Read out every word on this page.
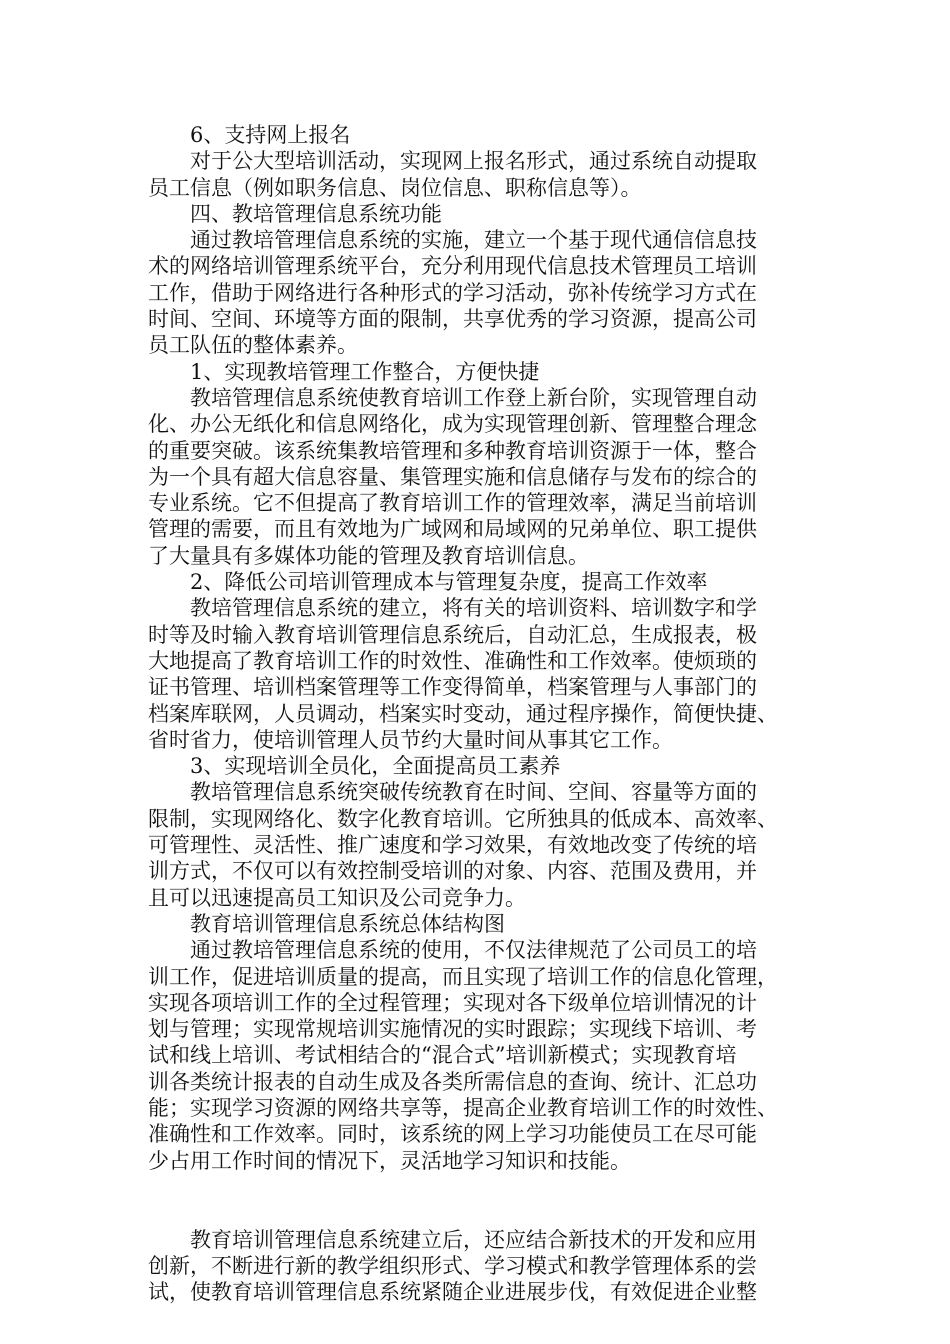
6、支持网上报名
对于公大型培训活动，实现网上报名形式，通过系统自动提取
员工信息（例如职务信息、岗位信息、职称信息等）。
四、教培管理信息系统功能
通过教培管理信息系统的实施，建立一个基于现代通信信息技
术的网络培训管理系统平台，充分利用现代信息技术管理员工培训
工作，借助于网络进行各种形式的学习活动，弥补传统学习方式在
时间、空间、环境等方面的限制，共享优秀的学习资源，提高公司
员工队伍的整体素养。
1、实现教培管理工作整合，方便快捷
教培管理信息系统使教育培训工作登上新台阶，实现管理自动
化、办公无纸化和信息网络化，成为实现管理创新、管理整合理念
的重要突破。该系统集教培管理和多种教育培训资源于一体，整合
为一个具有超大信息容量、集管理实施和信息储存与发布的综合的
专业系统。它不但提高了教育培训工作的管理效率，满足当前培训
管理的需要，而且有效地为广域网和局域网的兄弟单位、职工提供
了大量具有多媒体功能的管理及教育培训信息。
2、降低公司培训管理成本与管理复杂度，提高工作效率
教培管理信息系统的建立，将有关的培训资料、培训数字和学
时等及时输入教育培训管理信息系统后，自动汇总，生成报表，极
大地提高了教育培训工作的时效性、准确性和工作效率。使烦琐的
证书管理、培训档案管理等工作变得简单，档案管理与人事部门的
档案库联网，人员调动，档案实时变动，通过程序操作，简便快捷、
省时省力，使培训管理人员节约大量时间从事其它工作。
3、实现培训全员化，全面提高员工素养
教培管理信息系统突破传统教育在时间、空间、容量等方面的
限制，实现网络化、数字化教育培训。它所独具的低成本、高效率、
可管理性、灵活性、推广速度和学习效果，有效地改变了传统的培
训方式，不仅可以有效控制受培训的对象、内容、范围及费用，并
且可以迅速提高员工知识及公司竞争力。
教育培训管理信息系统总体结构图
通过教培管理信息系统的使用，不仅法律规范了公司员工的培
训工作，促进培训质量的提高，而且实现了培训工作的信息化管理，
实现各项培训工作的全过程管理；实现对各下级单位培训情况的计
划与管理；实现常规培训实施情况的实时跟踪；实现线下培训、考
试和线上培训、考试相结合的“混合式”培训新模式；实现教育培
训各类统计报表的自动生成及各类所需信息的查询、统计、汇总功
能；实现学习资源的网络共享等，提高企业教育培训工作的时效性、
准确性和工作效率。同时，该系统的网上学习功能使员工在尽可能
少占用工作时间的情况下，灵活地学习知识和技能。
教育培训管理信息系统建立后，还应结合新技术的开发和应用
创新，不断进行新的教学组织形式、学习模式和教学管理体系的尝
试，使教育培训管理信息系统紧随企业进展步伐，有效促进企业整
